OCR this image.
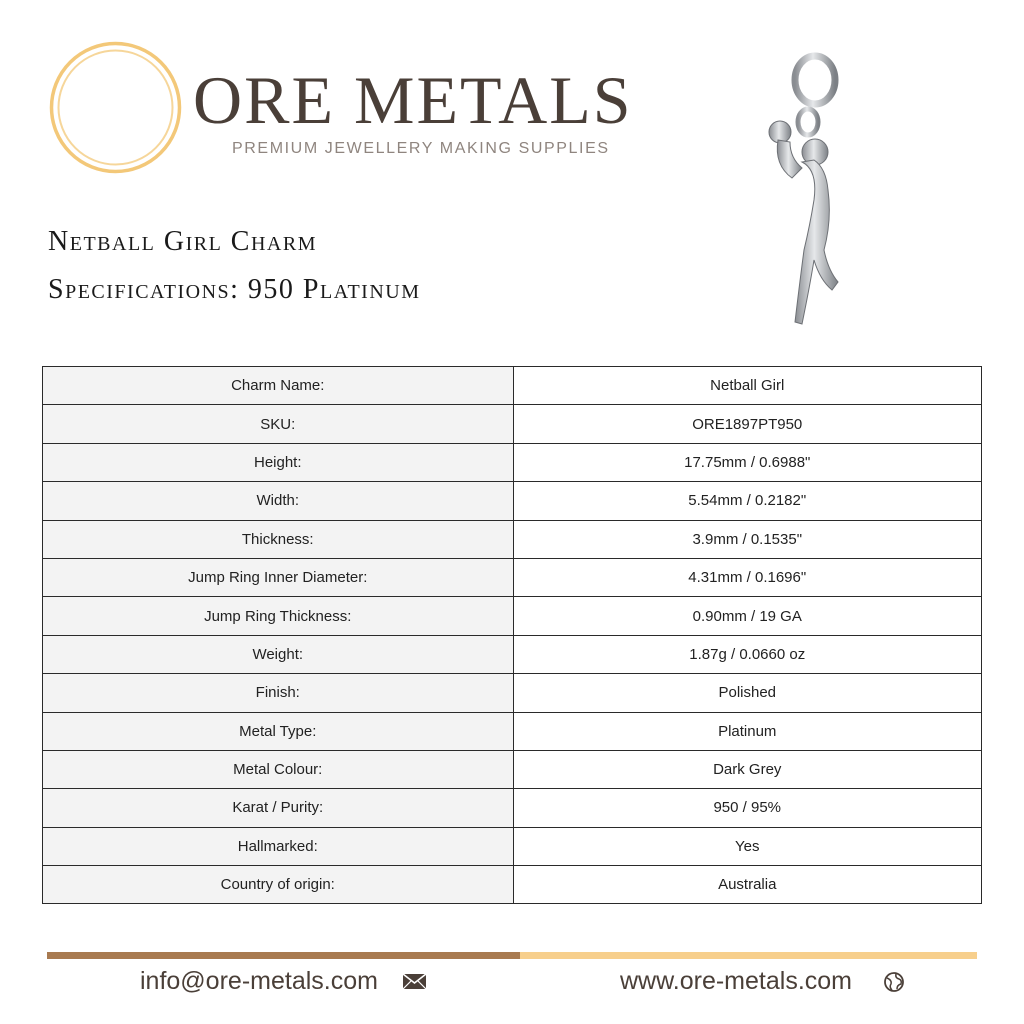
ORE METALS
PREMIUM JEWELLERY MAKING SUPPLIES
Netball Girl Charm
Specifications: 950 Platinum
Charm Name:	Netball Girl
SKU:	ORE1897PT950
Height:	17.75mm / 0.6988"
Width:	5.54mm / 0.2182"
Thickness:	3.9mm / 0.1535"
Jump Ring Inner Diameter:	4.31mm / 0.1696"
Jump Ring Thickness:	0.90mm / 19 GA
Weight:	1.87g / 0.0660 oz
Finish:	Polished
Metal Type:	Platinum
Metal Colour:	Dark Grey
Karat / Purity:	950 / 95%
Hallmarked:	Yes
Country of origin:	Australia
info@ore-metals.com	www.ore-metals.com
